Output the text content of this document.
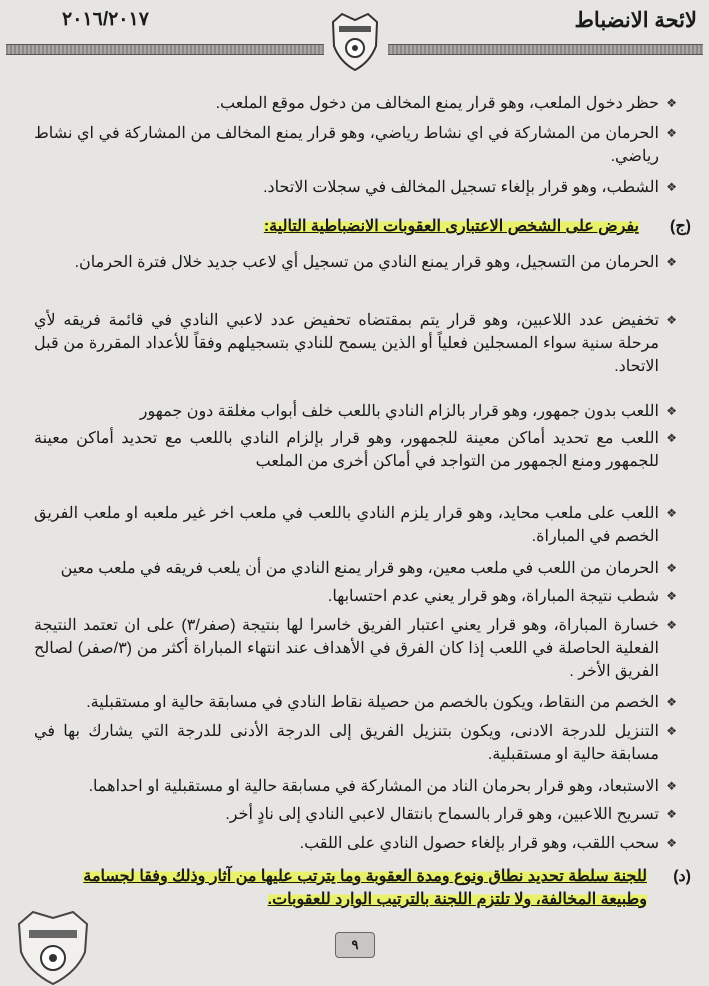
لائحة الانضباط
٢٠١٦/٢٠١٧
❖
حظر دخول الملعب، وهو قرار يمنع المخالف من دخول موقع الملعب.
❖
الحرمان من المشاركة في اي نشاط رياضي، وهو قرار يمنع المخالف من المشاركة في اي نشاط رياضي.
❖
الشطب، وهو قرار بإلغاء تسجيل المخالف في سجلات الاتحاد.
(ج)
يفرض على الشخص الاعتبارى العقوبات الانضباطية التالية:
❖
الحرمان من التسجيل، وهو قرار يمنع النادي من تسجيل أي لاعب جديد خلال فترة الحرمان.
❖
تخفيض عدد اللاعبين، وهو قرار يتم بمقتضاه تحفيض عدد لاعبي النادي في قائمة فريقه لأي مرحلة سنية سواء المسجلين فعلياً أو الذين يسمح للنادي بتسجيلهم وفقاً للأعداد المقررة من قبل الاتحاد.
❖
اللعب بدون جمهور، وهو قرار بالزام النادي باللعب خلف أبواب مغلقة دون جمهور
❖
اللعب مع تحديد أماكن معينة للجمهور، وهو قرار بإلزام النادي باللعب مع تحديد أماكن معينة للجمهور ومنع الجمهور من التواجد في أماكن أخرى من الملعب
❖
اللعب على ملعب محايد، وهو قرار يلزم النادي باللعب في ملعب اخر غير ملعبه او ملعب الفريق الخصم في المباراة.
❖
الحرمان من اللعب في ملعب معين، وهو قرار يمنع النادي من أن يلعب فريقه في ملعب معين
❖
شطب نتيجة المباراة، وهو قرار يعني عدم احتسابها.
❖
خسارة المباراة، وهو قرار يعني اعتبار الفريق خاسرا لها بنتيجة (صفر/٣) على ان تعتمد النتيجة الفعلية الحاصلة في اللعب إذا كان الفرق في الأهداف عند انتهاء المباراة أكثر من (٣/صفر) لصالح الفريق الأخر .
❖
الخصم من النقاط، ويكون بالخصم من حصيلة نقاط النادي في مسابقة حالية او مستقبلية.
❖
التنزيل للدرجة الادنى، ويكون بتنزيل الفريق إلى الدرجة الأدنى للدرجة التي يشارك بها في مسابقة حالية او مستقبلية.
❖
الاستبعاد، وهو قرار بحرمان الناد من المشاركة في مسابقة حالية او مستقبلية او احداهما.
❖
تسريح اللاعبين، وهو قرار بالسماح بانتقال لاعبي النادي إلى نادٍ أخر.
❖
سحب اللقب، وهو قرار بإلغاء حصول النادي على اللقب.
(د)
للجنة سلطة تحديد نطاق ونوع ومدة العقوبة وما يترتب عليها من آثار وذلك وفقا لجسامة وطبيعة المخالفة، ولا تلتزم اللجنة بالترتيب الوارد للعقوبات.
٩
